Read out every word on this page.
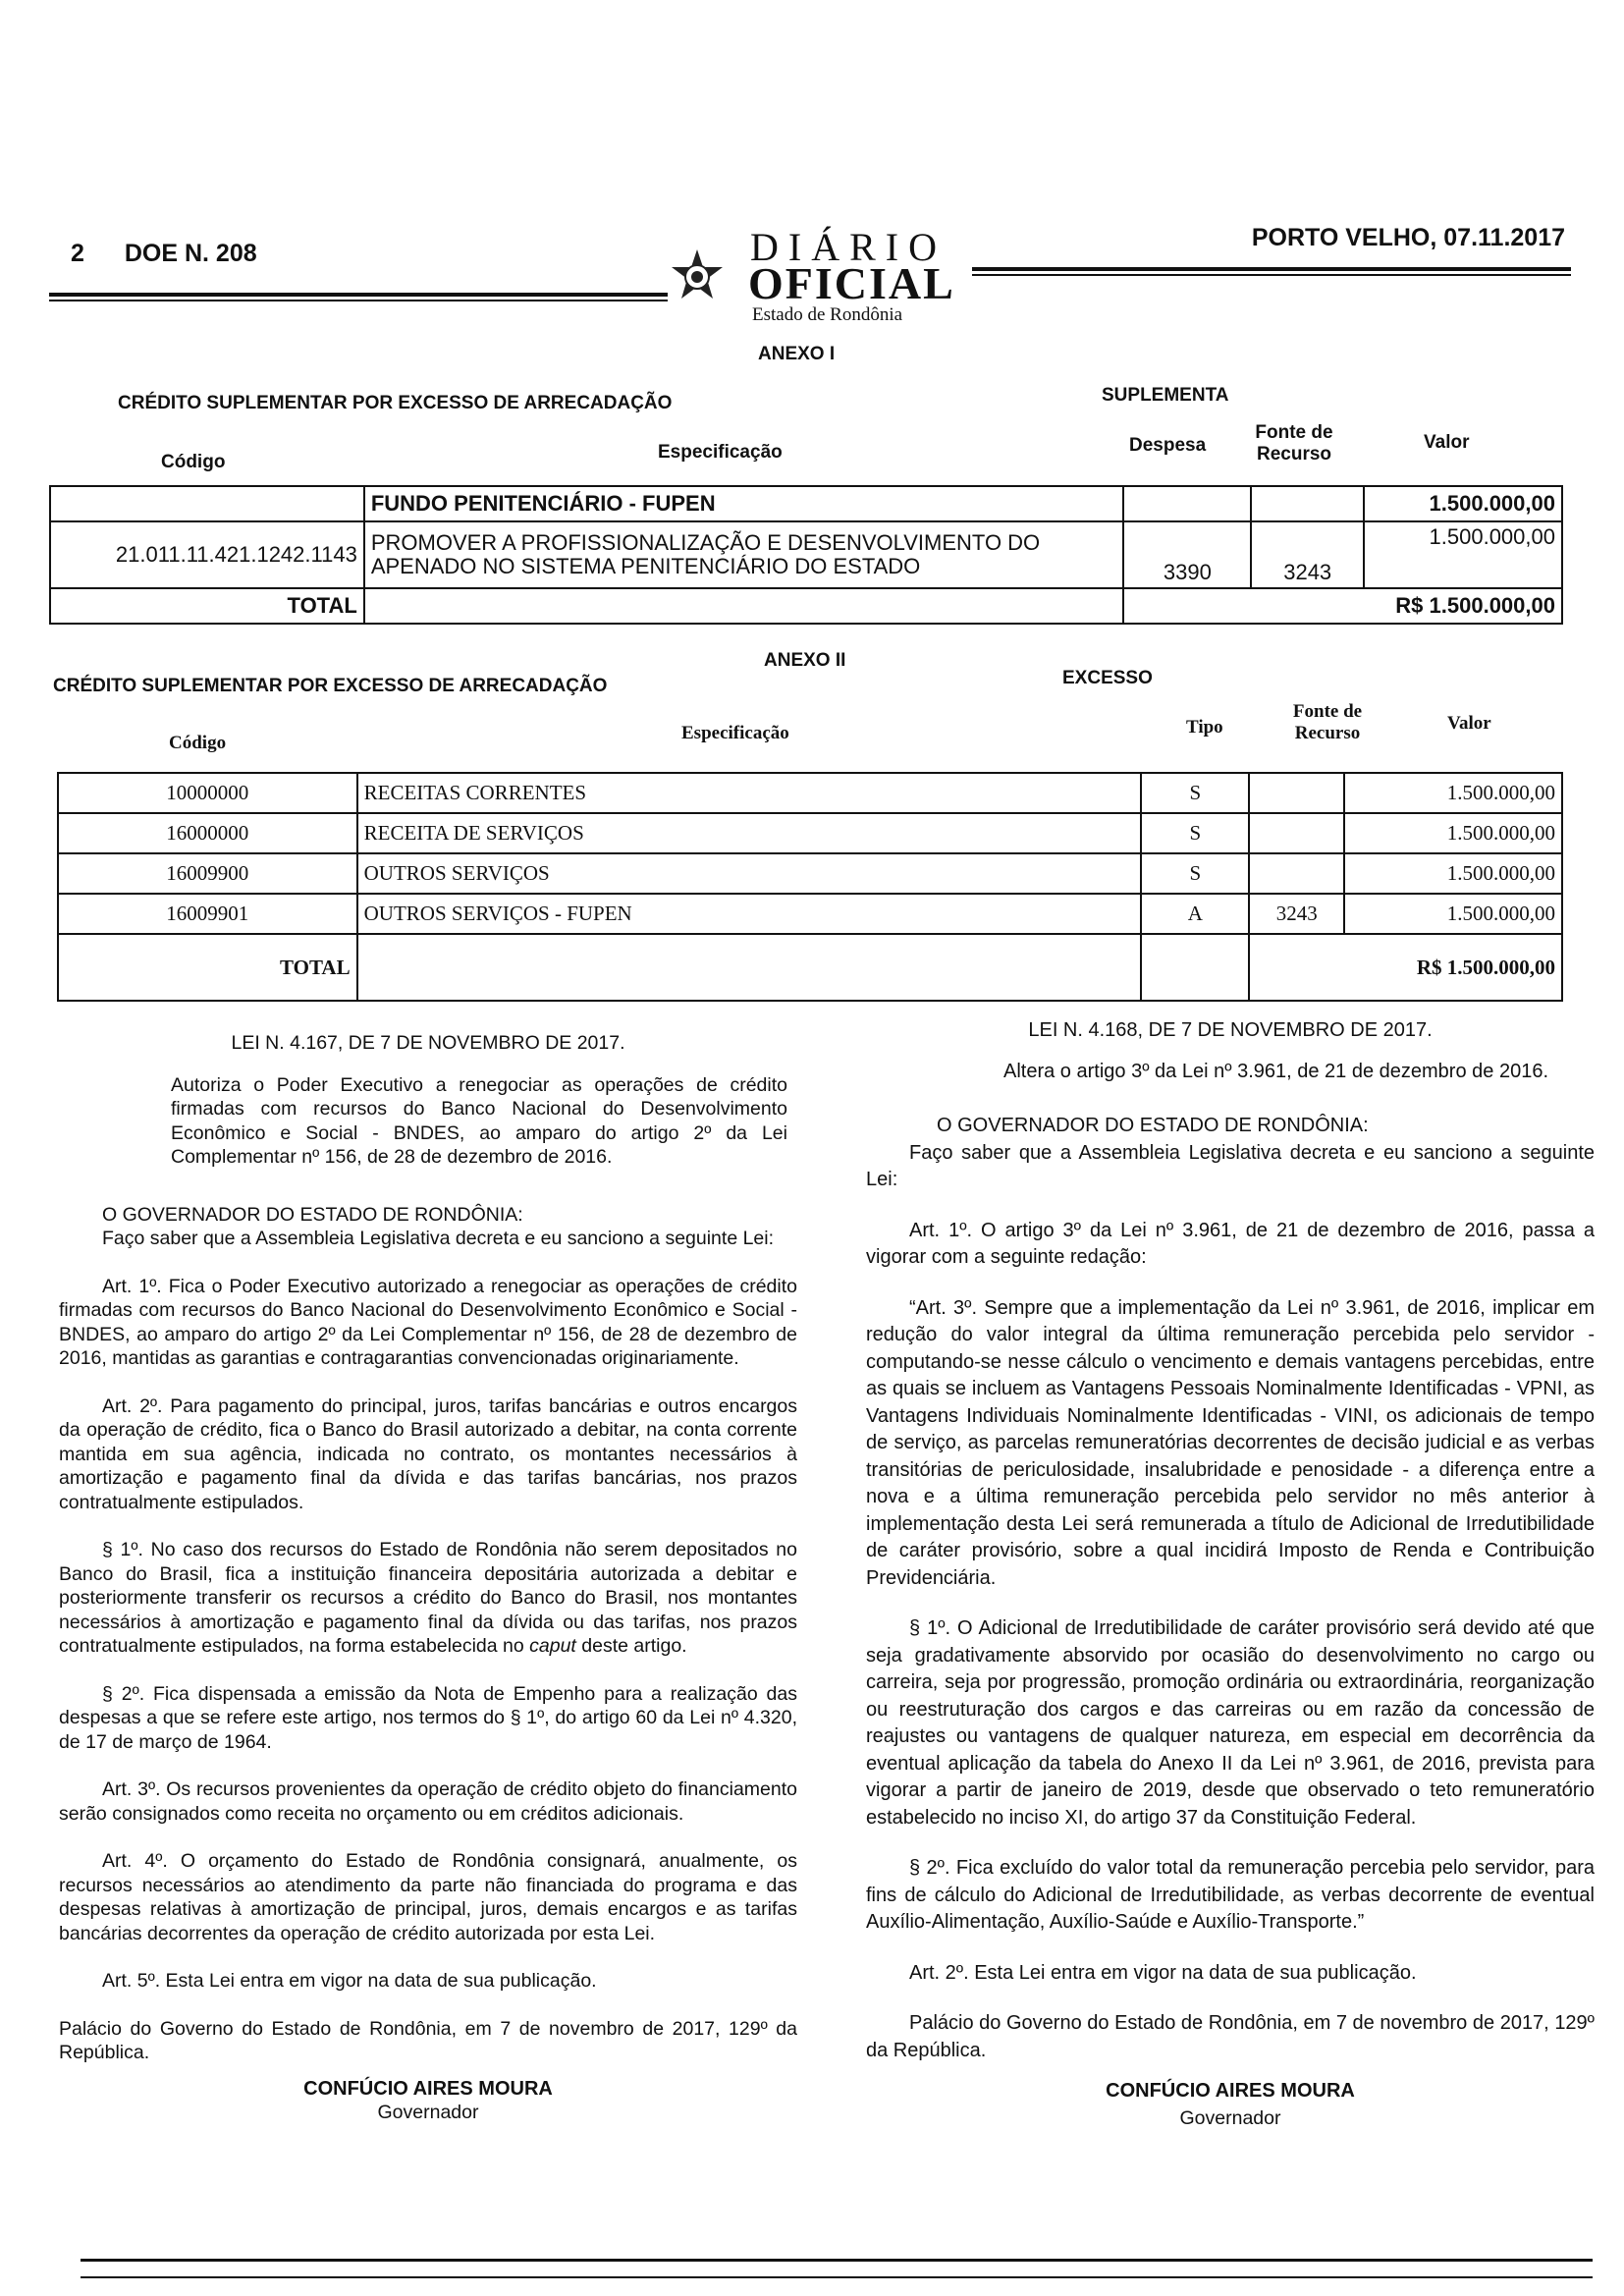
2 DOE N. 208
PORTO VELHO, 07.11.2017
DIÁRIO
OFICIAL
Estado de Rondônia
ANEXO I
CRÉDITO SUPLEMENTAR POR EXCESSO DE ARRECADAÇÃO	SUPLEMENTA
Código	Especificação	Despesa
Fonte de Recurso
Valor
	FUNDO PENITENCIÁRIO - FUPEN			1.500.000,00
21.011.11.421.1242.1143	PROMOVER A PROFISSIONALIZAÇÃO E DESENVOLVIMENTO DO APENADO NO SISTEMA PENITENCIÁRIO DO ESTADO	3390	3243	1.500.000,00
TOTAL		R$ 1.500.000,00		
ANEXO II
CRÉDITO SUPLEMENTAR POR EXCESSO DE ARRECADAÇÃO	EXCESSO
Código	Especificação	Tipo
Fonte de Recurso	Valor
10000000	RECEITAS CORRENTES	S		1.500.000,00
16000000	RECEITA DE SERVIÇOS	S		1.500.000,00
16009900	OUTROS SERVIÇOS	S		1.500.000,00
16009901	OUTROS SERVIÇOS - FUPEN	A	3243	1.500.000,00
TOTAL			R$ 1.500.000,00	

LEI N. 4.167, DE 7 DE NOVEMBRO DE 2017.

Autoriza o Poder Executivo a renegociar as operações de crédito firmadas com recursos do Banco Nacional do Desenvolvimento Econômico e Social - BNDES, ao amparo do artigo 2º da Lei Complementar nº 156, de 28 de dezembro de 2016.

O GOVERNADOR DO ESTADO DE RONDÔNIA:

Faço saber que a Assembleia Legislativa decreta e eu sanciono a seguinte Lei:

Art. 1º. Fica o Poder Executivo autorizado a renegociar as operações de crédito firmadas com recursos do Banco Nacional do Desenvolvimento Econômico e Social - BNDES, ao amparo do artigo 2º da Lei Complementar nº 156, de 28 de dezembro de 2016, mantidas as garantias e contragarantias convencionadas originariamente.

Art. 2º. Para pagamento do principal, juros, tarifas bancárias e outros encargos da operação de crédito, fica o Banco do Brasil autorizado a debitar, na conta corrente mantida em sua agência, indicada no contrato, os montantes necessários à amortização e pagamento final da dívida e das tarifas bancárias, nos prazos contratualmente estipulados.

§ 1º. No caso dos recursos do Estado de Rondônia não serem depositados no Banco do Brasil, fica a instituição financeira depositária autorizada a debitar e posteriormente transferir os recursos a crédito do Banco do Brasil, nos montantes necessários à amortização e pagamento final da dívida ou das tarifas, nos prazos contratualmente estipulados, na forma estabelecida no caput deste artigo.

§ 2º. Fica dispensada a emissão da Nota de Empenho para a realização das despesas a que se refere este artigo, nos termos do § 1º, do artigo 60 da Lei nº 4.320, de 17 de março de 1964.

Art. 3º. Os recursos provenientes da operação de crédito objeto do financiamento serão consignados como receita no orçamento ou em créditos adicionais.

Art. 4º. O orçamento do Estado de Rondônia consignará, anualmente, os recursos necessários ao atendimento da parte não financiada do programa e das despesas relativas à amortização de principal, juros, demais encargos e as tarifas bancárias decorrentes da operação de crédito autorizada por esta Lei.

Art. 5º. Esta Lei entra em vigor na data de sua publicação.

Palácio do Governo do Estado de Rondônia, em 7 de novembro de 2017, 129º da República.

CONFÚCIO AIRES MOURA
Governador

LEI N. 4.168, DE 7 DE NOVEMBRO DE 2017.

Altera o artigo 3º da Lei nº 3.961, de 21 de dezembro de 2016.

O GOVERNADOR DO ESTADO DE RONDÔNIA:

Faço saber que a Assembleia Legislativa decreta e eu sanciono a seguinte Lei:

Art. 1º. O artigo 3º da Lei nº 3.961, de 21 de dezembro de 2016, passa a vigorar com a seguinte redação:

“Art. 3º. Sempre que a implementação da Lei nº 3.961, de 2016, implicar em redução do valor integral da última remuneração percebida pelo servidor - computando-se nesse cálculo o vencimento e demais vantagens percebidas, entre as quais se incluem as Vantagens Pessoais Nominalmente Identificadas - VPNI, as Vantagens Individuais Nominalmente Identificadas - VINI, os adicionais de tempo de serviço, as parcelas remuneratórias decorrentes de decisão judicial e as verbas transitórias de periculosidade, insalubridade e penosidade - a diferença entre a nova e a última remuneração percebida pelo servidor no mês anterior à implementação desta Lei será remunerada a título de Adicional de Irredutibilidade de caráter provisório, sobre a qual incidirá Imposto de Renda e Contribuição Previdenciária.

§ 1º. O Adicional de Irredutibilidade de caráter provisório será devido até que seja gradativamente absorvido por ocasião do desenvolvimento no cargo ou carreira, seja por progressão, promoção ordinária ou extraordinária, reorganização ou reestruturação dos cargos e das carreiras ou em razão da concessão de reajustes ou vantagens de qualquer natureza, em especial em decorrência da eventual aplicação da tabela do Anexo II da Lei nº 3.961, de 2016, prevista para vigorar a partir de janeiro de 2019, desde que observado o teto remuneratório estabelecido no inciso XI, do artigo 37 da Constituição Federal.

§ 2º. Fica excluído do valor total da remuneração percebia pelo servidor, para fins de cálculo do Adicional de Irredutibilidade, as verbas decorrente de eventual Auxílio-Alimentação, Auxílio-Saúde e Auxílio-Transporte.”

Art. 2º. Esta Lei entra em vigor na data de sua publicação.

Palácio do Governo do Estado de Rondônia, em 7 de novembro de 2017, 129º da República.

CONFÚCIO AIRES MOURA
Governador
